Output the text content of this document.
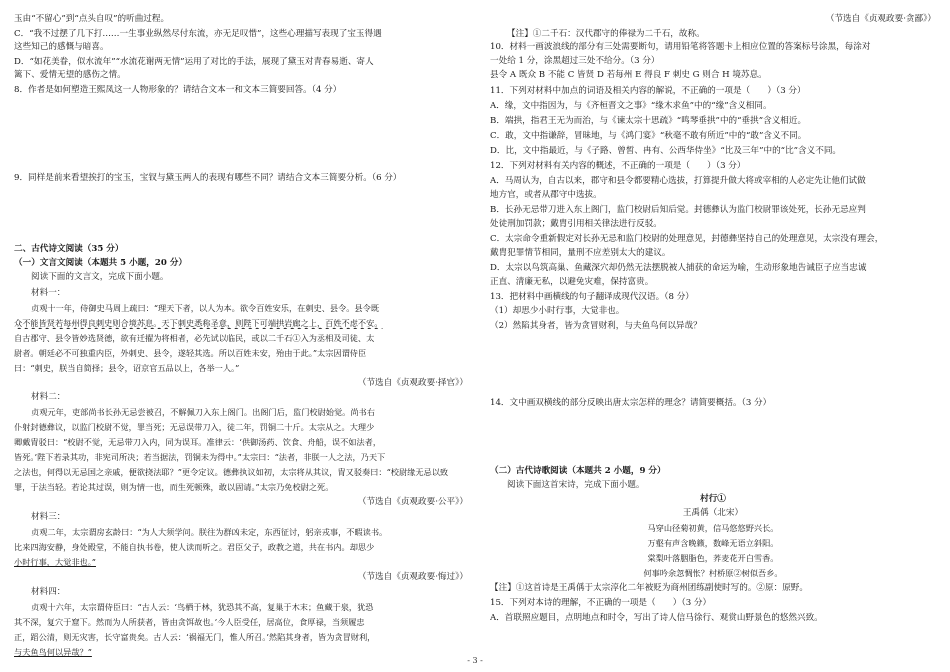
玉由“不留心”到“点头自叹”的听曲过程。
C．“我不过摆了几下打……一生事业纵然尽付东流，亦无足叹惜”，这些心理描写表现了宝玉得遇
这些知己的感慨与暗喜。
D．“如花美眷，似水流年”“水流花谢两无情”运用了对比的手法，展现了黛玉对青春易逝、寄人
篱下、爱情无望的感伤之情。
8．作者是如何塑造王熙凤这一人物形象的？请结合文本一和文本三简要回答。（4 分）
9．同样是前来看望挨打的宝玉，宝钗与黛玉两人的表现有哪些不同？请结合文本三简要分析。（6 分）
二、古代诗文阅读（35 分）
（一）文言文阅读（本题共 5 小题，20 分）
阅读下面的文言文，完成下面小题。
材料一：
贞观十一年，侍御史马周上疏曰：“理天下者，以人为本。欲令百姓安乐，在刺史、县令。县令既
众不能皆贤若每州得良刺史则合境苏息。天下刺史悉称圣意，则陛下可端拱岩廊之上，百姓不虑不安。
自古郡守、县令皆妙选贤德，欲有迁擢为将相者，必先试以临民，或以二千石①入为丞相及司徒、太
尉者。朝廷必不可独重内臣，外刺史、县令，遂轻其选。所以百姓未安，殆由于此。”太宗因谓侍臣
曰：“刺史，朕当自简择；县令，诏京官五品以上，各举一人。”
（节选自《贞观政要·择官》）
材料二：
贞观元年，吏部尚书长孙无忌尝被召，不解佩刀入东上阁门。出阁门后，监门校尉始觉。尚书右
仆射封德彝议，以监门校尉不觉，罪当死；无忌误带刀入，徒二年，罚铜二十斤。太宗从之。大理少
卿戴胄驳曰：“校尉不觉，无忌带刀入内，同为误耳。准律云：‘供御汤药、饮食、舟船，误不如法者，
皆死。’陛下若录其功，非宪司所决；若当据法，罚铜未为得中。”太宗曰：“法者，非朕一人之法，乃天下
之法也，何得以无忌国之亲戚，便欲挠法耶？”更令定议。德彝执议如初，太宗将从其议，胄又驳奏曰：“校尉缘无忌以致
罪，于法当轻。若论其过误，则为情一也，而生死顿殊，敢以固请。”太宗乃免校尉之死。
（节选自《贞观政要·公平》）
材料三：
贞观二年，太宗谓房玄龄曰：“为人大须学问。朕往为群凶未定，东西征讨，躬亲戎事，不暇读书。
比来四海安静，身处殿堂，不能自执书卷，使人读而听之。君臣父子，政教之道，共在书内。却思少
小时行事，大觉非也。”
（节选自《贞观政要·悔过》）
材料四：
贞观十六年，太宗谓侍臣曰：“古人云：‘鸟栖于林，犹恐其不高，复巢于木末；鱼藏于泉，犹恐
其不深，复穴于窟下。然而为人所获者，皆由贪饵故也。’今人臣受任，居高位，食厚禄，当须履忠
正，蹈公清，则无灾害，长守富贵矣。古人云：‘祸福无门，惟人所召。’然陷其身者，皆为贪冒财利，
与夫鱼鸟何以异哉？”
（节选自《贞观政要·贪鄙》）
【注】①二千石：汉代郡守的俸禄为二千石，故称。
10．材料一画波浪线的部分有三处需要断句，请用铅笔将答题卡上相应位置的答案标号涂黑，每涂对
一处给 1 分，涂黑超过三处不给分。（3 分）
县令 A 既众 B 不能 C 皆贤 D 若每州 E 得良 F 刺史 G 则合 H 境苏息。
11．下列对材料中加点的词语及相关内容的解说，不正确的一项是（　　）（3 分）
A．缘，文中指因为，与《齐桓晋文之事》“缘木求鱼”中的“缘”含义相同。
B．端拱，指君王无为而治，与《谏太宗十思疏》“鸣琴垂拱”中的“垂拱”含义相近。
C．敢，文中指谦辞，冒昧地，与《鸿门宴》“秋毫不敢有所近”中的“敢”含义不同。
D．比，文中指最近，与《子路、曾皙、冉有、公西华侍坐》“比及三年”中的“比”含义不同。
12．下列对材料有关内容的概述，不正确的一项是（　　）（3 分）
A．马周认为，自古以来，郡守和县令都要精心选拔，打算提升做大将或宰相的人必定先让他们试做
地方官，或者从郡守中选拔。
B．长孙无忌带刀进入东上阁门，监门校尉后知后觉。封德彝认为监门校尉罪该处死，长孙无忌应判
处徒刑加罚款；戴胄引用相关律法进行反驳。
C．太宗命令重新假定对长孙无忌和监门校尉的处理意见，封德彝坚持自己的处理意见，太宗没有理会，
戴胄犯罪情节相同，量刑不应差别太大的建议。
D．太宗以鸟筑高巢、鱼藏深穴却仍然无法摆脱被人捕获的命运为喻，生动形象地告诫臣子应当忠诚
正直、清廉无私，以避免灾难，保持富贵。
13．把材料中画横线的句子翻译成现代汉语。（8 分）
（1）却思少小时行事，大觉非也。
（2）然陷其身者，皆为贪冒财利，与夫鱼鸟何以异哉？
14．文中画双横线的部分反映出唐太宗怎样的理念？请简要概括。（3 分）
（二）古代诗歌阅读（本题共 2 小题，9 分）
阅读下面这首宋诗，完成下面小题。
村行①
王禹偁（北宋）
马穿山径菊初黄，信马悠悠野兴长。
万壑有声含晚籁，数峰无语立斜阳。
棠梨叶落胭脂色，荞麦花开白雪香。
何事吟余忽惆怅？村桥原②树似吾乡。
【注】①这首诗是王禹偁于太宗淳化二年被贬为商州团练副使时写的。②原：原野。
15．下列对本诗的理解，不正确的一项是（　　）（3 分）
A．首联照应题目，点明地点和时令，写出了诗人信马徐行、观赏山野景色的悠然兴致。
- 3 -
